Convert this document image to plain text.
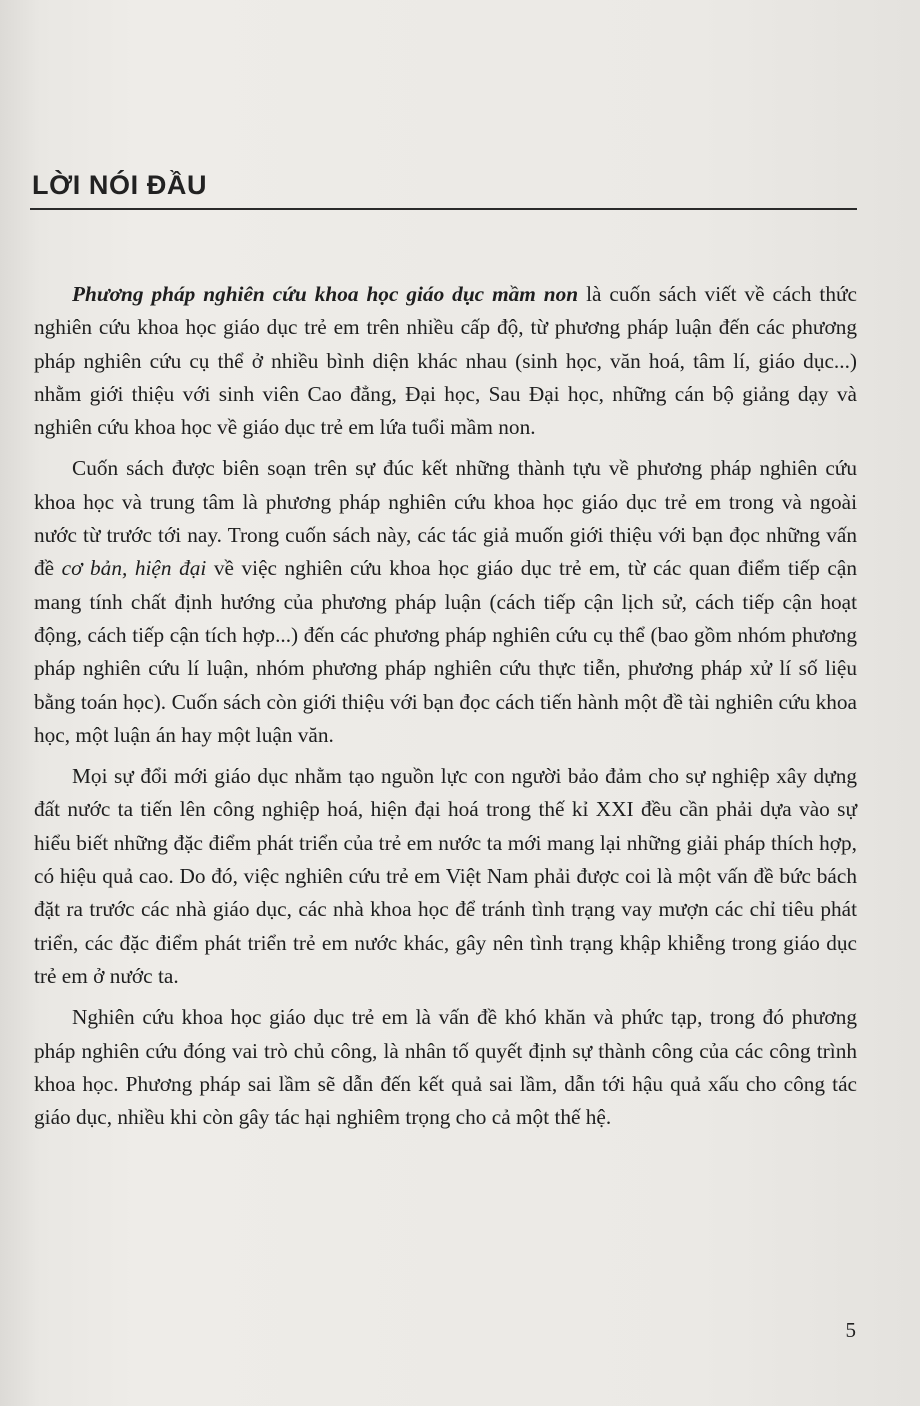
LỜI NÓI ĐẦU

Phương pháp nghiên cứu khoa học giáo dục mầm non là cuốn sách viết về cách thức nghiên cứu khoa học giáo dục trẻ em trên nhiều cấp độ, từ phương pháp luận đến các phương pháp nghiên cứu cụ thể ở nhiều bình diện khác nhau (sinh học, văn hoá, tâm lí, giáo dục...) nhằm giới thiệu với sinh viên Cao đẳng, Đại học, Sau Đại học, những cán bộ giảng dạy và nghiên cứu khoa học về giáo dục trẻ em lứa tuổi mầm non.

Cuốn sách được biên soạn trên sự đúc kết những thành tựu về phương pháp nghiên cứu khoa học và trung tâm là phương pháp nghiên cứu khoa học giáo dục trẻ em trong và ngoài nước từ trước tới nay. Trong cuốn sách này, các tác giả muốn giới thiệu với bạn đọc những vấn đề cơ bản, hiện đại về việc nghiên cứu khoa học giáo dục trẻ em, từ các quan điểm tiếp cận mang tính chất định hướng của phương pháp luận (cách tiếp cận lịch sử, cách tiếp cận hoạt động, cách tiếp cận tích hợp...) đến các phương pháp nghiên cứu cụ thể (bao gồm nhóm phương pháp nghiên cứu lí luận, nhóm phương pháp nghiên cứu thực tiễn, phương pháp xử lí số liệu bằng toán học). Cuốn sách còn giới thiệu với bạn đọc cách tiến hành một đề tài nghiên cứu khoa học, một luận án hay một luận văn.

Mọi sự đổi mới giáo dục nhằm tạo nguồn lực con người bảo đảm cho sự nghiệp xây dựng đất nước ta tiến lên công nghiệp hoá, hiện đại hoá trong thế kỉ XXI đều cần phải dựa vào sự hiểu biết những đặc điểm phát triển của trẻ em nước ta mới mang lại những giải pháp thích hợp, có hiệu quả cao. Do đó, việc nghiên cứu trẻ em Việt Nam phải được coi là một vấn đề bức bách đặt ra trước các nhà giáo dục, các nhà khoa học để tránh tình trạng vay mượn các chỉ tiêu phát triển, các đặc điểm phát triển trẻ em nước khác, gây nên tình trạng khập khiễng trong giáo dục trẻ em ở nước ta.

Nghiên cứu khoa học giáo dục trẻ em là vấn đề khó khăn và phức tạp, trong đó phương pháp nghiên cứu đóng vai trò chủ công, là nhân tố quyết định sự thành công của các công trình khoa học. Phương pháp sai lầm sẽ dẫn đến kết quả sai lầm, dẫn tới hậu quả xấu cho công tác giáo dục, nhiều khi còn gây tác hại nghiêm trọng cho cả một thế hệ.

5
